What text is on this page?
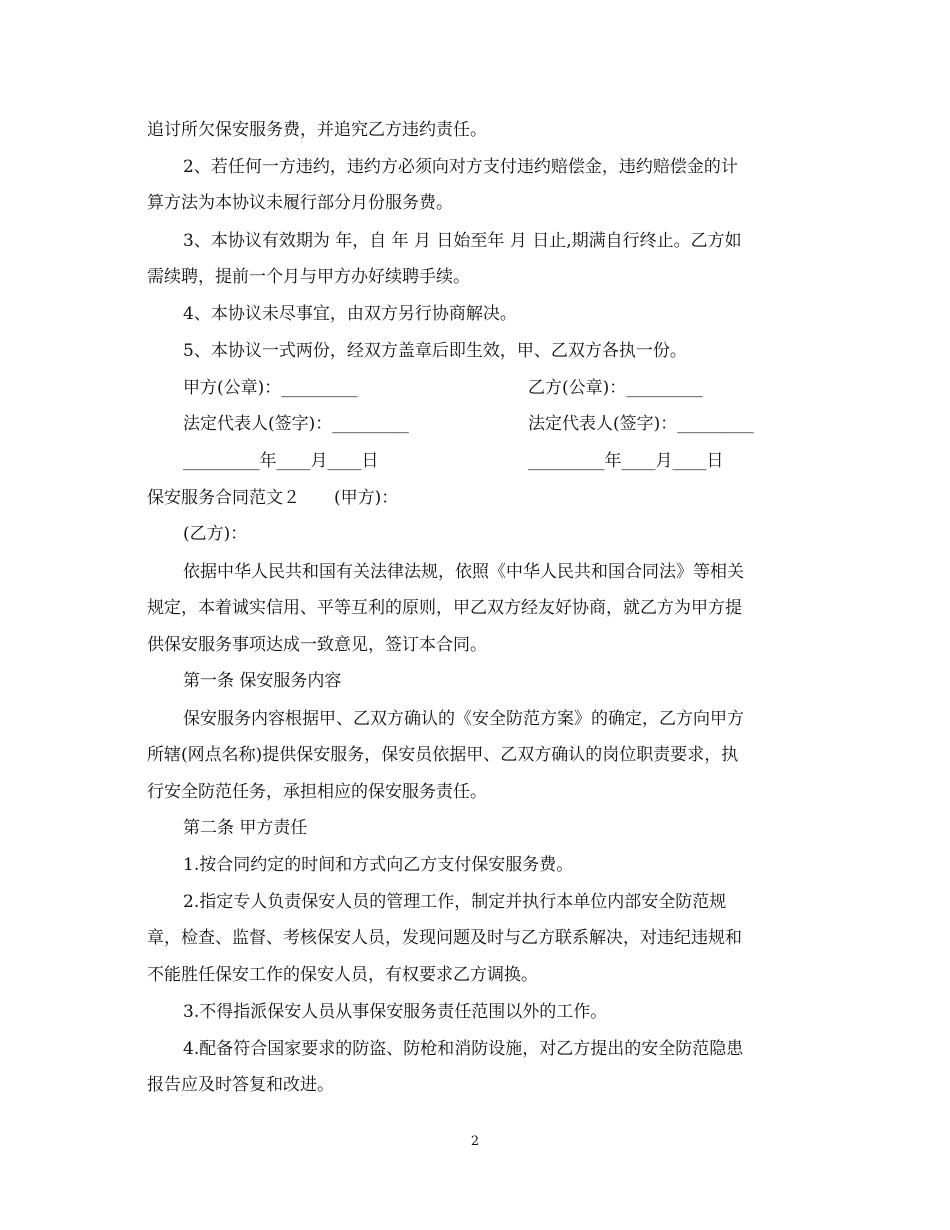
追讨所欠保安服务费，并追究乙方违约责任。
2、若任何一方违约，违约方必须向对方支付违约赔偿金，违约赔偿金的计
算方法为本协议未履行部分月份服务费。
3、本协议有效期为 年，自 年 月 日始至年 月 日止,期满自行终止。乙方如
需续聘，提前一个月与甲方办好续聘手续。
4、本协议未尽事宜，由双方另行协商解决。
5、本协议一式两份，经双方盖章后即生效，甲、乙双方各执一份。
甲方(公章)：_________	乙方(公章)：_________
法定代表人(签字)：_________	法定代表人(签字)：_________
_________年____月____日	_________年____月____日
保安服务合同范文２　　(甲方)：
(乙方)：
依据中华人民共和国有关法律法规，依照《中华人民共和国合同法》等相关
规定，本着诚实信用、平等互利的原则，甲乙双方经友好协商，就乙方为甲方提
供保安服务事项达成一致意见，签订本合同。
第一条 保安服务内容
保安服务内容根据甲、乙双方确认的《安全防范方案》的确定，乙方向甲方
所辖(网点名称)提供保安服务，保安员依据甲、乙双方确认的岗位职责要求，执
行安全防范任务，承担相应的保安服务责任。
第二条 甲方责任
1.按合同约定的时间和方式向乙方支付保安服务费。
2.指定专人负责保安人员的管理工作，制定并执行本单位内部安全防范规
章，检查、监督、考核保安人员，发现问题及时与乙方联系解决，对违纪违规和
不能胜任保安工作的保安人员，有权要求乙方调换。
3.不得指派保安人员从事保安服务责任范围以外的工作。
4.配备符合国家要求的防盗、防枪和消防设施，对乙方提出的安全防范隐患
报告应及时答复和改进。
2
